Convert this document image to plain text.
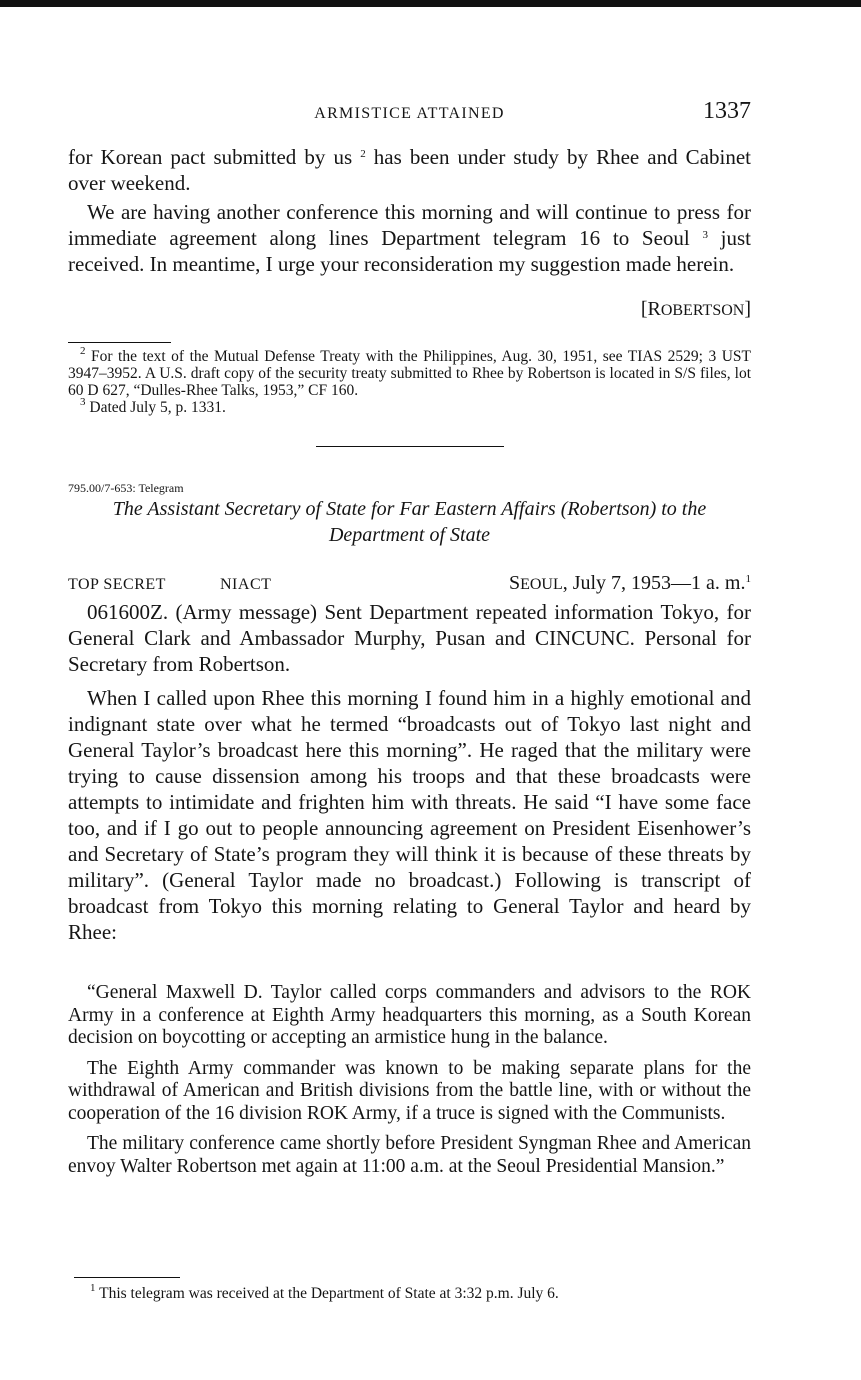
ARMISTICE ATTAINED	1337

for Korean pact submitted by us $^2$ has been under study by Rhee and Cabinet over weekend.

We are having another conference this morning and will continue to press for immediate agreement along lines Department telegram 16 to Seoul $^3$ just received. In meantime, I urge your reconsideration my suggestion made herein.

[ROBERTSON]

$^2$ For the text of the Mutual Defense Treaty with the Philippines, Aug. 30, 1951, see TIAS 2529; 3 UST 3947–3952. A U.S. draft copy of the security treaty submitted to Rhee by Robertson is located in S/S files, lot 60 D 627, “Dulles-Rhee Talks, 1953,” CF 160.

$^3$ Dated July 5, p. 1331.

795.00/7-653: Telegram
The Assistant Secretary of State for Far Eastern Affairs (Robertson) to the Department of State
TOP SECRET	NIACT	SEOUL, July 7, 1953—1 a. m.$^1$

061600Z. (Army message) Sent Department repeated information Tokyo, for General Clark and Ambassador Murphy, Pusan and CINCUNC. Personal for Secretary from Robertson.

When I called upon Rhee this morning I found him in a highly emotional and indignant state over what he termed “broadcasts out of Tokyo last night and General Taylor’s broadcast here this morning”. He raged that the military were trying to cause dissension among his troops and that these broadcasts were attempts to intimidate and frighten him with threats. He said “I have some face too, and if I go out to people announcing agreement on President Eisenhower’s and Secretary of State’s program they will think it is because of these threats by military”. (General Taylor made no broadcast.) Following is transcript of broadcast from Tokyo this morning relating to General Taylor and heard by Rhee:

“General Maxwell D. Taylor called corps commanders and advisors to the ROK Army in a conference at Eighth Army headquarters this morning, as a South Korean decision on boycotting or accepting an armistice hung in the balance.

The Eighth Army commander was known to be making separate plans for the withdrawal of American and British divisions from the battle line, with or without the cooperation of the 16 division ROK Army, if a truce is signed with the Communists.

The military conference came shortly before President Syngman Rhee and American envoy Walter Robertson met again at 11:00 a.m. at the Seoul Presidential Mansion.”

$^1$ This telegram was received at the Department of State at 3:32 p.m. July 6.
